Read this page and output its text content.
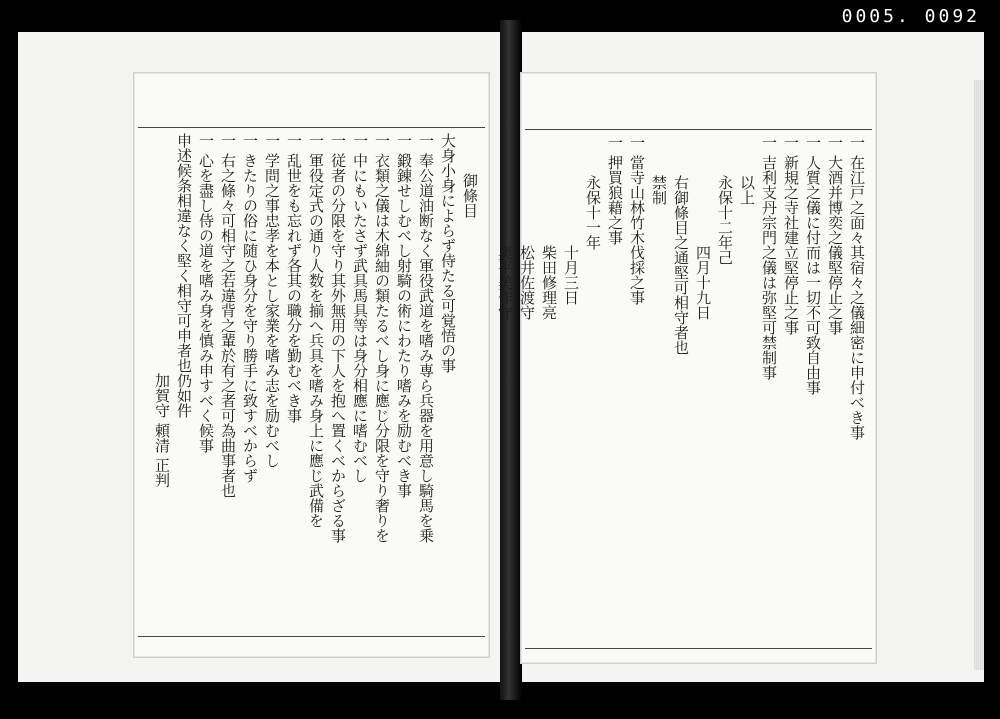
0005. 0092
御條目
大身小身によらず侍たる可覚悟の事
一 奉公道油断なく軍役武道を嗜み専ら兵器を用意し騎馬を乗
一 鍛錬せしむべし射騎の術にわたり嗜みを励むべき事
一 衣類之儀は木綿紬の類たるべし身に應じ分限を守り奢りを
一 中にもいたさず武具馬具等は身分相應に嗜むべし
一 従者の分限を守り其外無用の下人を抱へ置くべからざる事
一 軍役定式の通り人数を揃へ兵具を嗜み身上に應じ武備を
一 乱世をも忘れず各其の職分を勤むべき事
一 学問之事忠孝を本とし家業を嗜み志を励むべし
一 きたりの俗に随ひ身分を守り勝手に致すべからず
一 右之條々可相守之若違背之輩於有之者可為曲事者也
一 心を盡し侍の道を嗜み身を慎み申すべく候事
申述候条相違なく堅く相守可申者也仍如件
加賀守 頼清 正判	一 在江戸之面々其宿々之儀細密に申付べき事
一 大酒并博奕之儀堅停止之事
一 人質之儀に付而は一切不可致自由事
一 新規之寺社建立堅停止之事
一 吉利支丹宗門之儀は弥堅可禁制事
以上
永保十二年己
四月十九日
右御條目之通堅可相守者也
禁制
一 當寺山林竹木伐採之事
一 押買狼藉之事
永保十一年
十月三日
柴田修理亮
松井佐渡守
奥平美作守
